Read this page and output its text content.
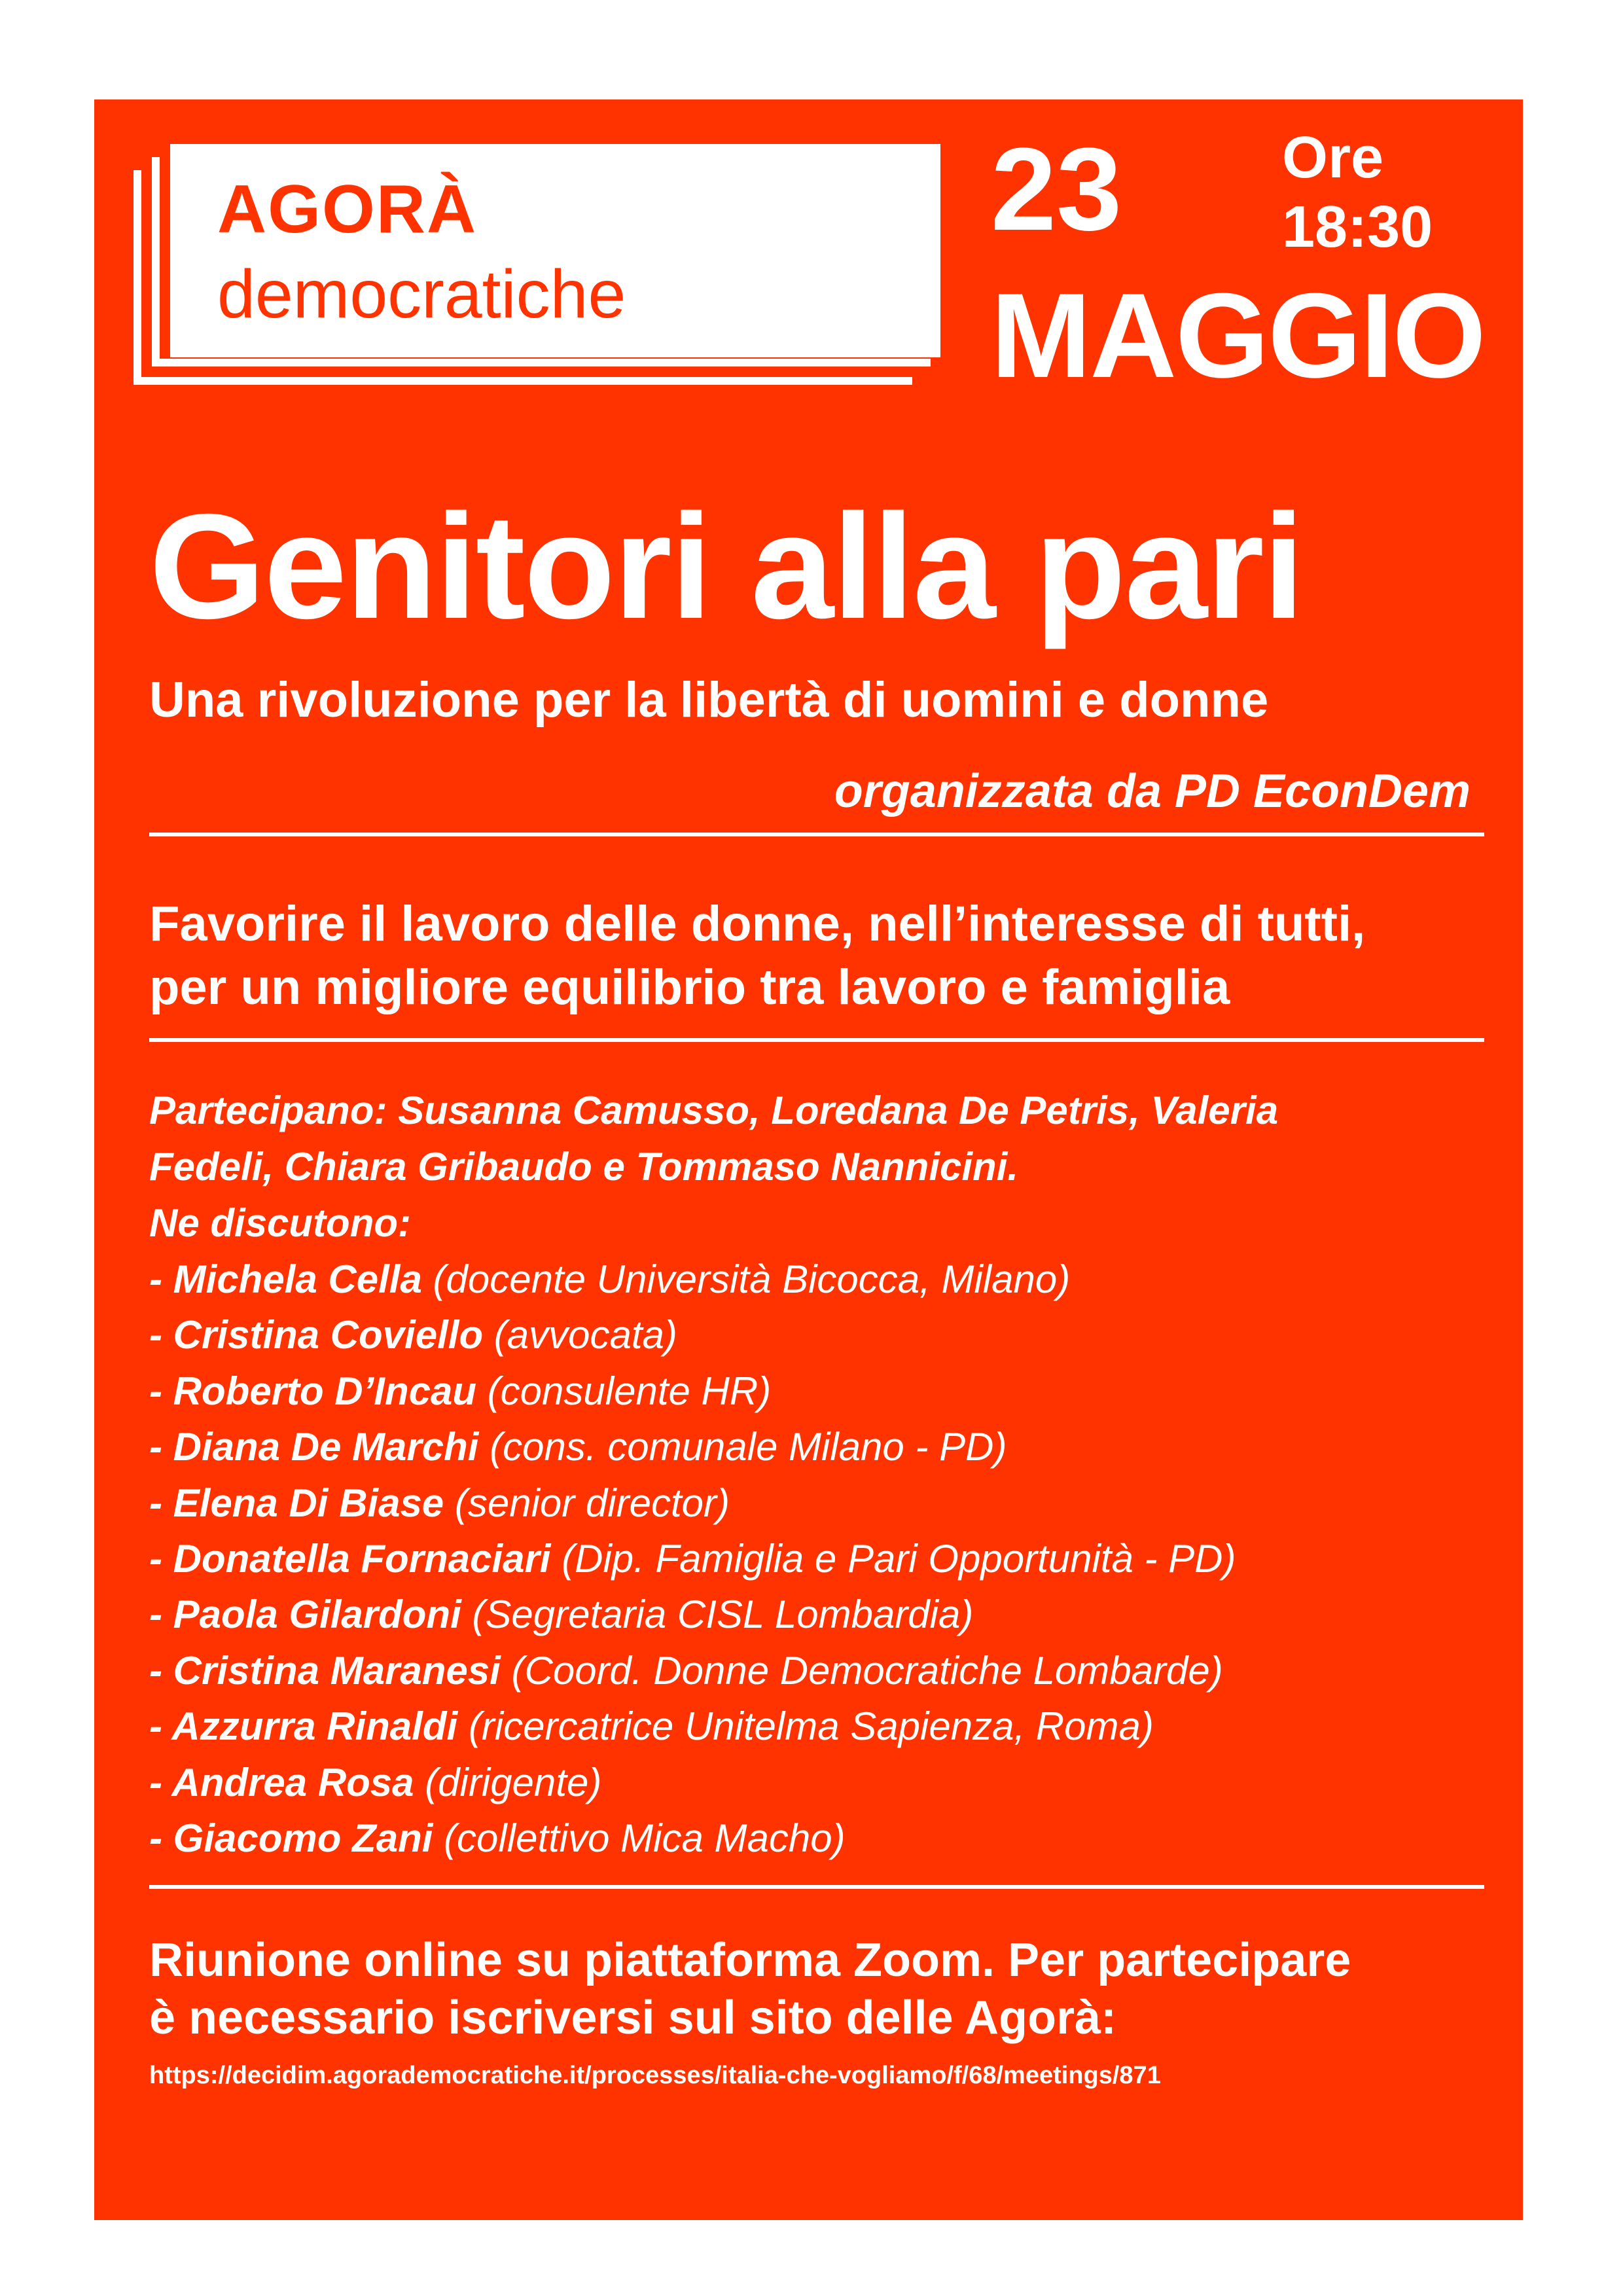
AGORÀ
democratiche
23	Ore
18:30
MAGGIO
Genitori alla pari
Una rivoluzione per la libertà di uomini e donne
organizzata da PD EconDem
Favorire il lavoro delle donne, nell’interesse di tutti,
per un migliore equilibrio tra lavoro e famiglia
Partecipano: Susanna Camusso, Loredana De Petris, Valeria
Fedeli, Chiara Gribaudo e Tommaso Nannicini.
Ne discutono:
- Michela Cella (docente Università Bicocca, Milano)
- Cristina Coviello (avvocata)
- Roberto D’Incau (consulente HR)
- Diana De Marchi (cons. comunale Milano - PD)
- Elena Di Biase (senior director)
- Donatella Fornaciari (Dip. Famiglia e Pari Opportunità - PD)
- Paola Gilardoni (Segretaria CISL Lombardia)
- Cristina Maranesi (Coord. Donne Democratiche Lombarde)
- Azzurra Rinaldi (ricercatrice Unitelma Sapienza, Roma)
- Andrea Rosa (dirigente)
- Giacomo Zani (collettivo Mica Macho)
Riunione online su piattaforma Zoom. Per partecipare
è necessario iscriversi sul sito delle Agorà:
https://decidim.agorademocratiche.it/processes/italia-che-vogliamo/f/68/meetings/871
